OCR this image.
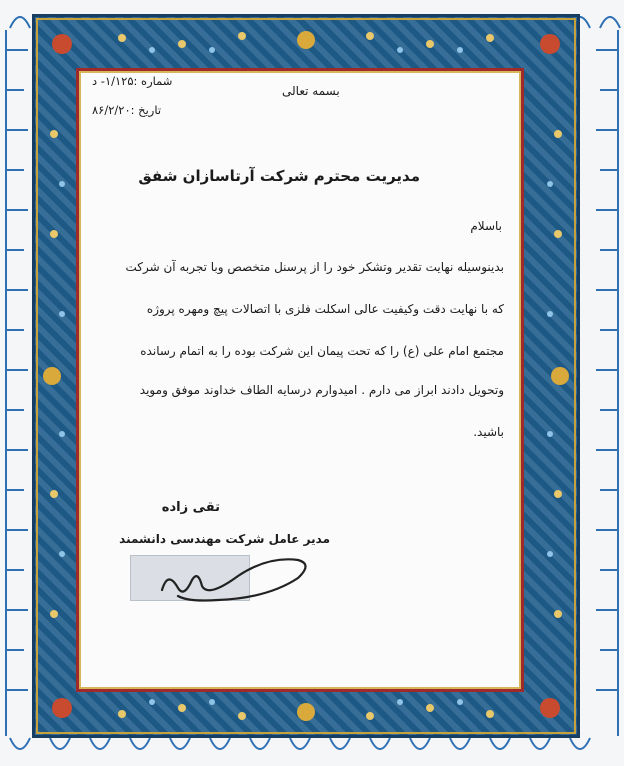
بسمه تعالی
شماره :۱/۱۲۵- د
تاریخ :۸۶/۲/۲۰
مدیریت محترم شرکت آرتاسازان شفق
باسلام
بدینوسیله نهایت تقدیر وتشکر خود را از پرسنل متخصص وبا تجربه آن شرکت
که با نهایت دقت وکیفیت عالی اسکلت فلزی با اتصالات پیچ ومهره پروژه
مجتمع امام علی (ع) را که تحت پیمان این شرکت بوده را به اتمام رسانده
وتحویل دادند ابراز می دارم . امیدوارم درسایه الطاف خداوند موفق وموید
باشید.
تقی زاده
مدیر عامل شرکت مهندسی دانشمند
